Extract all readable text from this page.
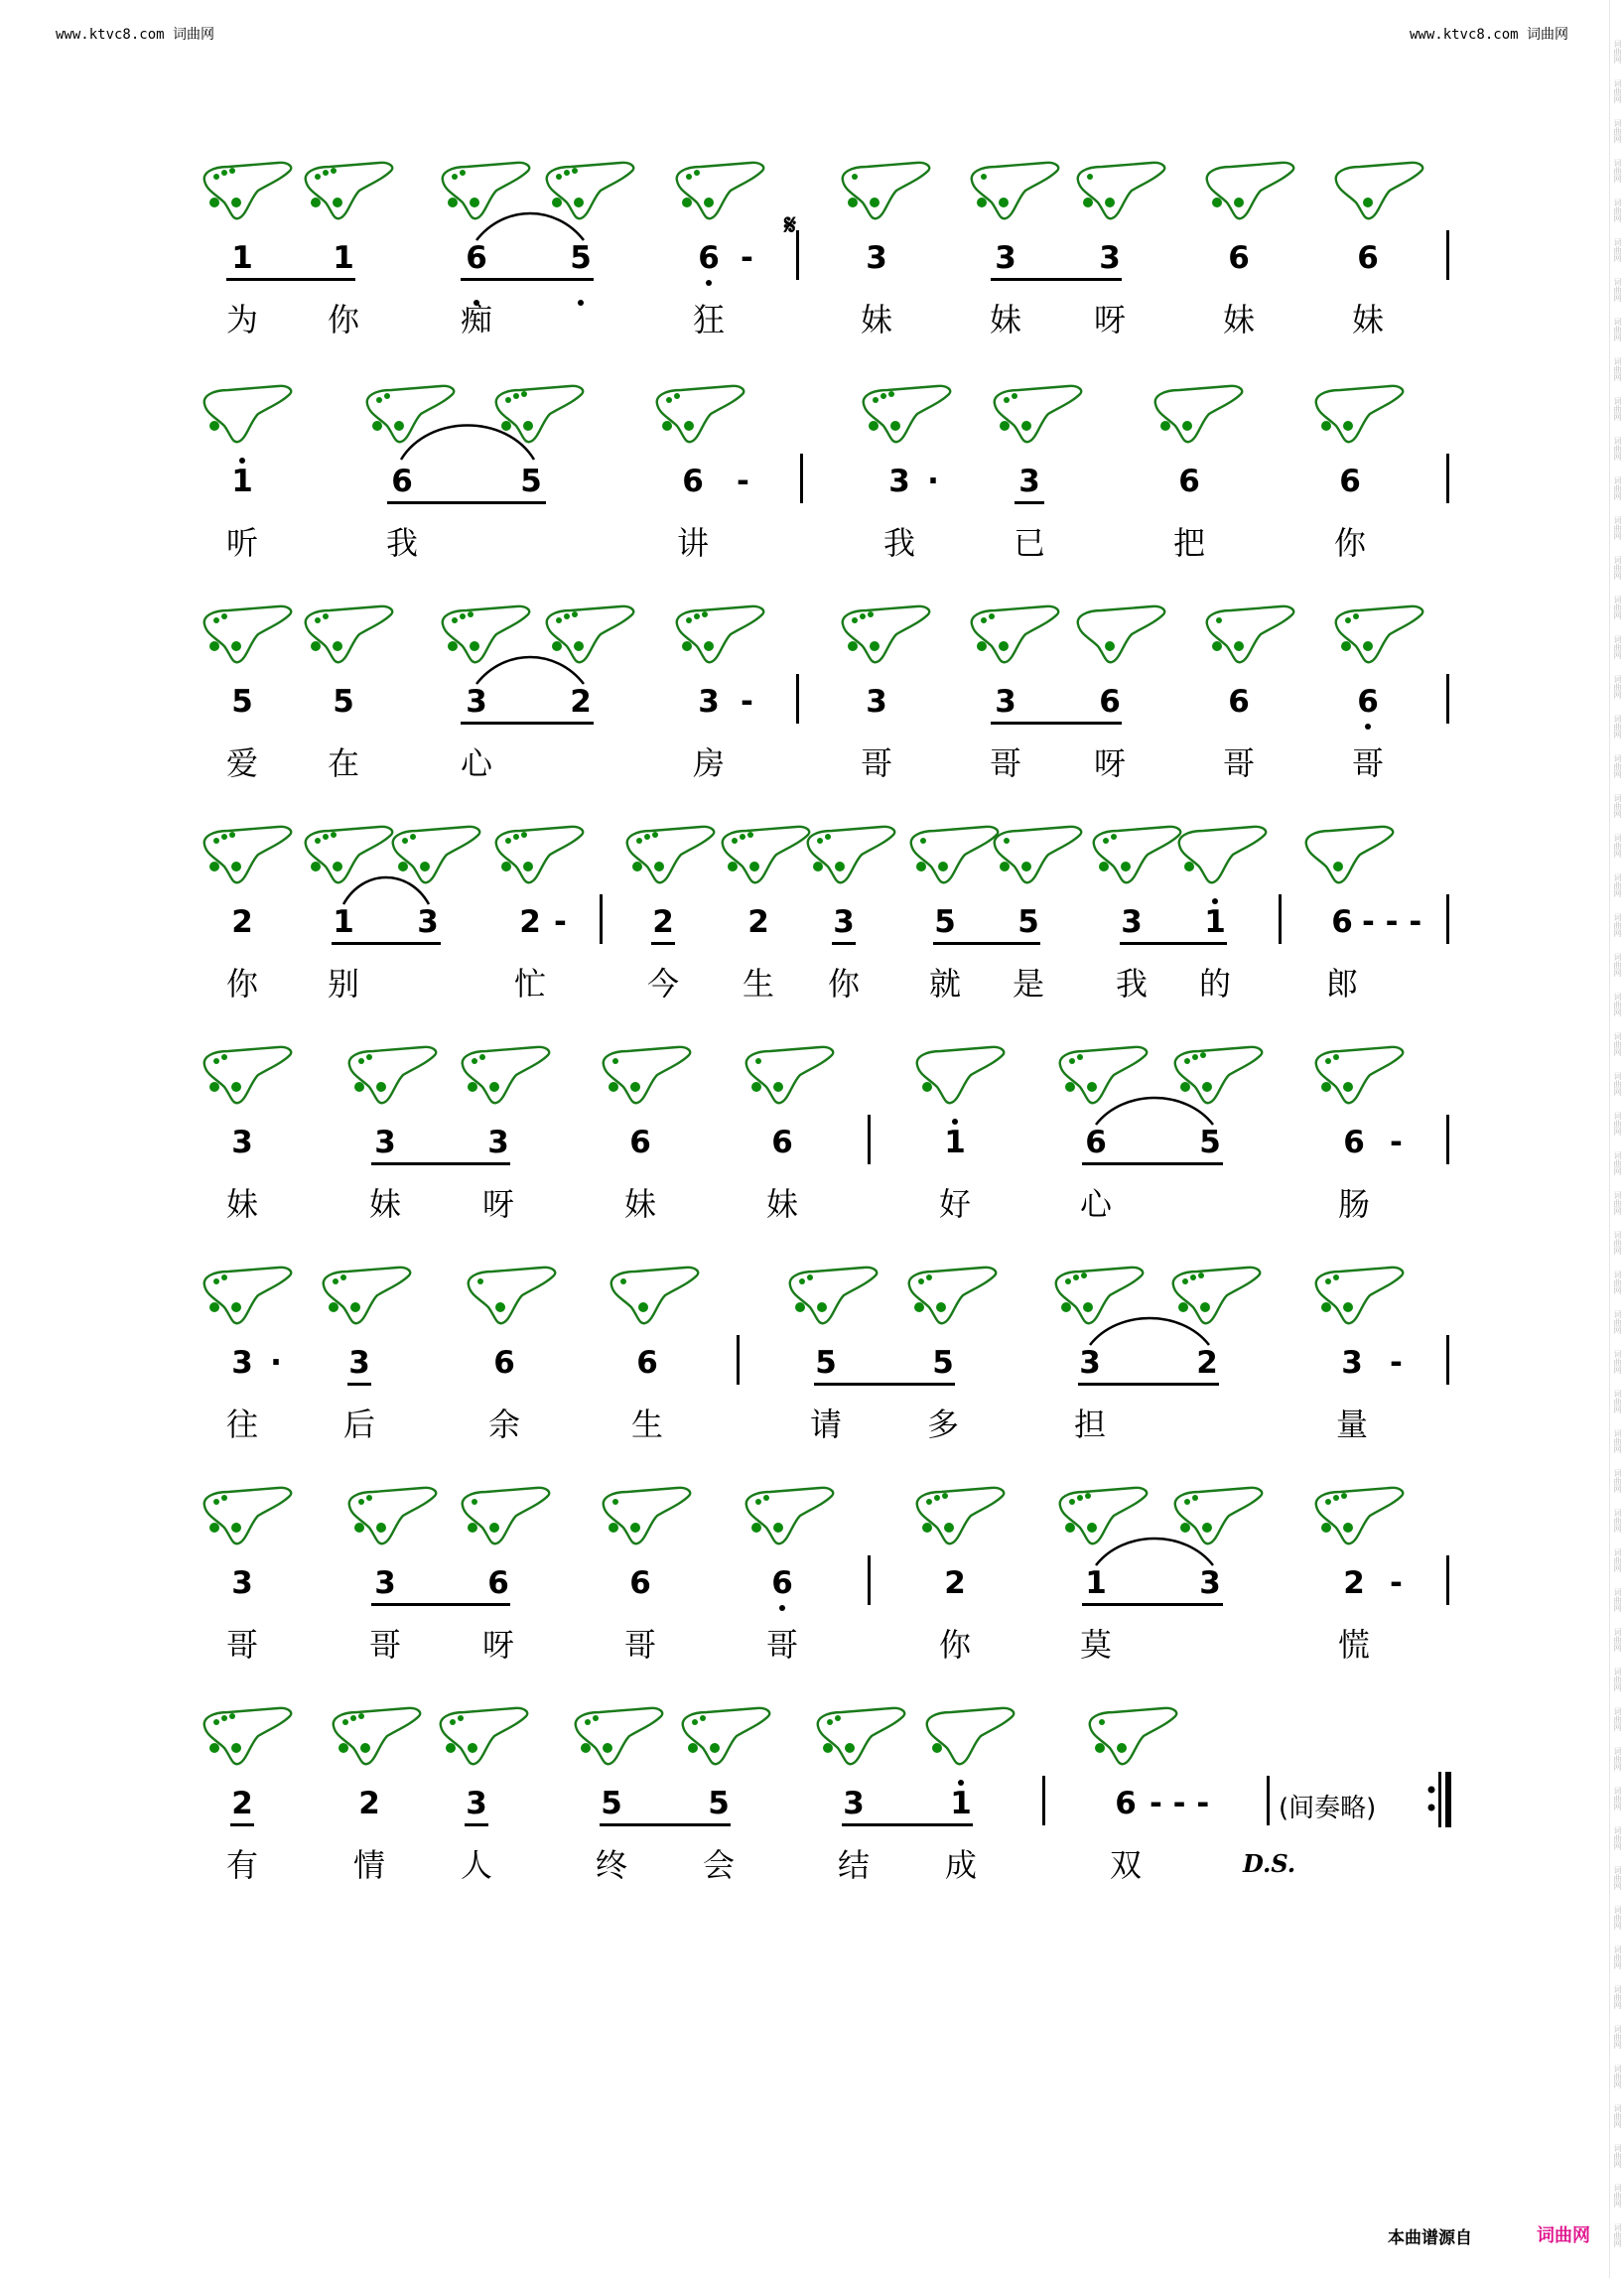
www.ktvc8.com 词曲网	www.ktvc8.com 词曲网
词曲网
词曲网
词曲网
词曲网
词曲网
词曲网
词曲网
词曲网
词曲网
词曲网
词曲网
词曲网
词曲网
词曲网
词曲网
词曲网
词曲网
词曲网
词曲网
词曲网
词曲网
词曲网
词曲网
词曲网
词曲网
词曲网
词曲网
词曲网
词曲网
词曲网
词曲网
词曲网
词曲网
词曲网
词曲网
词曲网
词曲网
词曲网
词曲网
词曲网
词曲网
词曲网
词曲网
词曲网
词曲网
词曲网
词曲网
词曲网
词曲网
词曲网
词曲网
词曲网
词曲网
词曲网
词曲网
词曲网
𝄋
1	1	6	5	6 -	3	3	3	6	6
为 你	痴	狂	妹	妹 呀	妹	妹
1	6	5	6 -	3 ·	3	6	6
听	我	讲	我	已	把	你
5	5	3	2	3 -	3	3	6	6	6
爱 在	心	房	哥	哥 呀	哥	哥
2	1 3	2 -	2 2 3	5 5	3 1	6 - - -
你 别	忙	今 生 你 就 是 我 的	郎
3	3	3	6	6	1	6	5	6 -
妹	妹	呀	妹	妹	好	心	肠
3 ·	3	6	6	5	5	3	2	3 -
往	后	余	生	请	多	担	量
3	3	6	6	6	2	1	3	2 -
哥	哥	呀	哥	哥	你	莫	慌
2	2	3	5	5	3	1	6 - - -	(间奏略)
D.S.
有	情 人	终 会	结 成	双
本曲谱源自	词曲网
